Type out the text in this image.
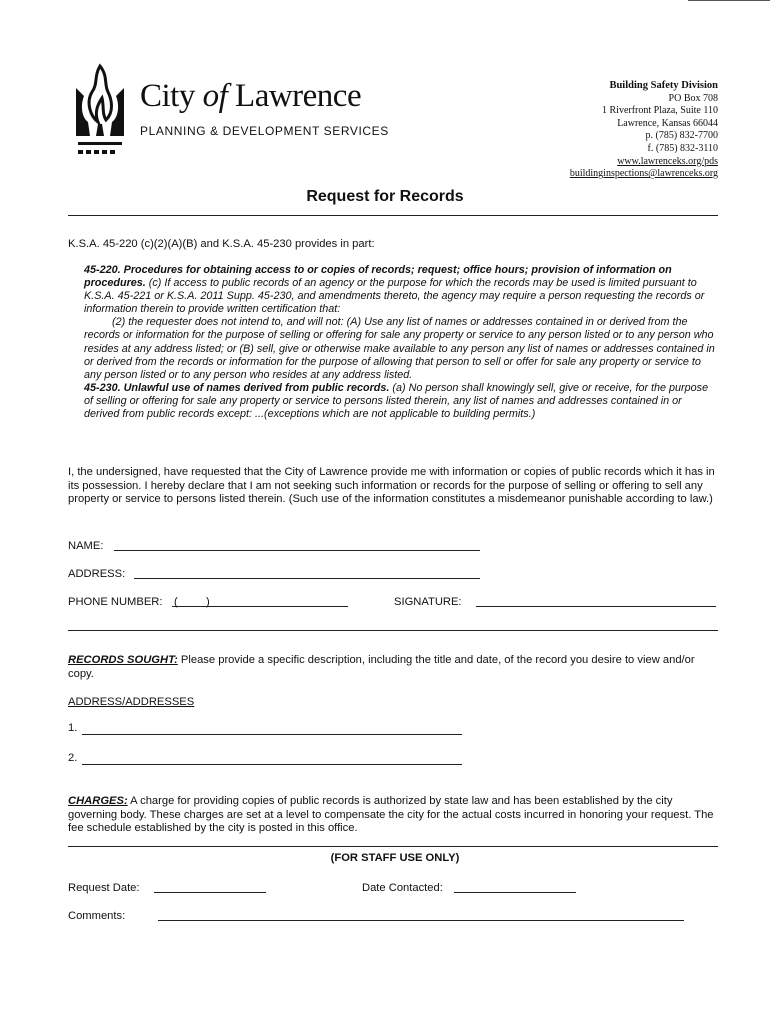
City of Lawrence
PLANNING & DEVELOPMENT SERVICES
Building Safety Division
PO Box 708
1 Riverfront Plaza, Suite 110
Lawrence, Kansas 66044
p. (785) 832-7700
f. (785) 832-3110
www.lawrenceks.org/pds
buildinginspections@lawrenceks.org
Request for Records
K.S.A. 45-220 (c)(2)(A)(B) and K.S.A. 45-230 provides in part:
45-220. Procedures for obtaining access to or copies of records; request; office hours; provision of information on procedures. (c) If access to public records of an agency or the purpose for which the records may be used is limited pursuant to K.S.A. 45-221 or K.S.A. 2011 Supp. 45-230, and amendments thereto, the agency may require a person requesting the records or information therein to provide written certification that:
(2) the requester does not intend to, and will not: (A) Use any list of names or addresses contained in or derived from the records or information for the purpose of selling or offering for sale any property or service to any person listed or to any person who resides at any address listed; or (B) sell, give or otherwise make available to any person any list of names or addresses contained in or derived from the records or information for the purpose of allowing that person to sell or offer for sale any property or service to any person listed or to any person who resides at any address listed.
45-230. Unlawful use of names derived from public records. (a) No person shall knowingly sell, give or receive, for the purpose of selling or offering for sale any property or service to persons listed therein, any list of names and addresses contained in or derived from public records except: ...(exceptions which are not applicable to building permits.)
I, the undersigned, have requested that the City of Lawrence provide me with information or copies of public records which it has in its possession. I hereby declare that I am not seeking such information or records for the purpose of selling or offering to sell any property or service to persons listed therein. (Such use of the information constitutes a misdemeanor punishable according to law.)
NAME:
ADDRESS:
PHONE NUMBER: (	)	SIGNATURE:
RECORDS SOUGHT: Please provide a specific description, including the title and date, of the record you desire to view and/or copy.
ADDRESS/ADDRESSES
1.
2.
CHARGES: A charge for providing copies of public records is authorized by state law and has been established by the city governing body. These charges are set at a level to compensate the city for the actual costs incurred in honoring your request. The fee schedule established by the city is posted in this office.
(FOR STAFF USE ONLY)
Request Date:	Date Contacted:
Comments:
